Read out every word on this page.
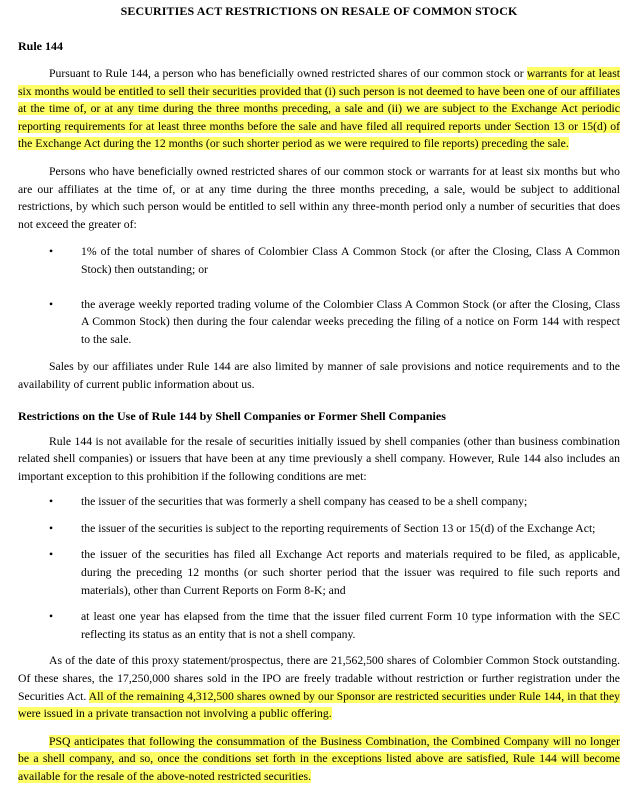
SECURITIES ACT RESTRICTIONS ON RESALE OF COMMON STOCK
Rule 144

Pursuant to Rule 144, a person who has beneficially owned restricted shares of our common stock or warrants for at least six months would be entitled to sell their securities provided that (i) such person is not deemed to have been one of our affiliates at the time of, or at any time during the three months preceding, a sale and (ii) we are subject to the Exchange Act periodic reporting requirements for at least three months before the sale and have filed all required reports under Section 13 or 15(d) of the Exchange Act during the 12 months (or such shorter period as we were required to file reports) preceding the sale.

Persons who have beneficially owned restricted shares of our common stock or warrants for at least six months but who are our affiliates at the time of, or at any time during the three months preceding, a sale, would be subject to additional restrictions, by which such person would be entitled to sell within any three-month period only a number of securities that does not exceed the greater of:

• 1% of the total number of shares of Colombier Class A Common Stock (or after the Closing, Class A Common Stock) then outstanding; or
• the average weekly reported trading volume of the Colombier Class A Common Stock (or after the Closing, Class A Common Stock) then during the four calendar weeks preceding the filing of a notice on Form 144 with respect to the sale.

Sales by our affiliates under Rule 144 are also limited by manner of sale provisions and notice requirements and to the availability of current public information about us.

Restrictions on the Use of Rule 144 by Shell Companies or Former Shell Companies

Rule 144 is not available for the resale of securities initially issued by shell companies (other than business combination related shell companies) or issuers that have been at any time previously a shell company. However, Rule 144 also includes an important exception to this prohibition if the following conditions are met:

• the issuer of the securities that was formerly a shell company has ceased to be a shell company;
• the issuer of the securities is subject to the reporting requirements of Section 13 or 15(d) of the Exchange Act;
• the issuer of the securities has filed all Exchange Act reports and materials required to be filed, as applicable, during the preceding 12 months (or such shorter period that the issuer was required to file such reports and materials), other than Current Reports on Form 8-K; and
• at least one year has elapsed from the time that the issuer filed current Form 10 type information with the SEC reflecting its status as an entity that is not a shell company.

As of the date of this proxy statement/prospectus, there are 21,562,500 shares of Colombier Common Stock outstanding. Of these shares, the 17,250,000 shares sold in the IPO are freely tradable without restriction or further registration under the Securities Act. All of the remaining 4,312,500 shares owned by our Sponsor are restricted securities under Rule 144, in that they were issued in a private transaction not involving a public offering.

PSQ anticipates that following the consummation of the Business Combination, the Combined Company will no longer be a shell company, and so, once the conditions set forth in the exceptions listed above are satisfied, Rule 144 will become available for the resale of the above-noted restricted securities.
